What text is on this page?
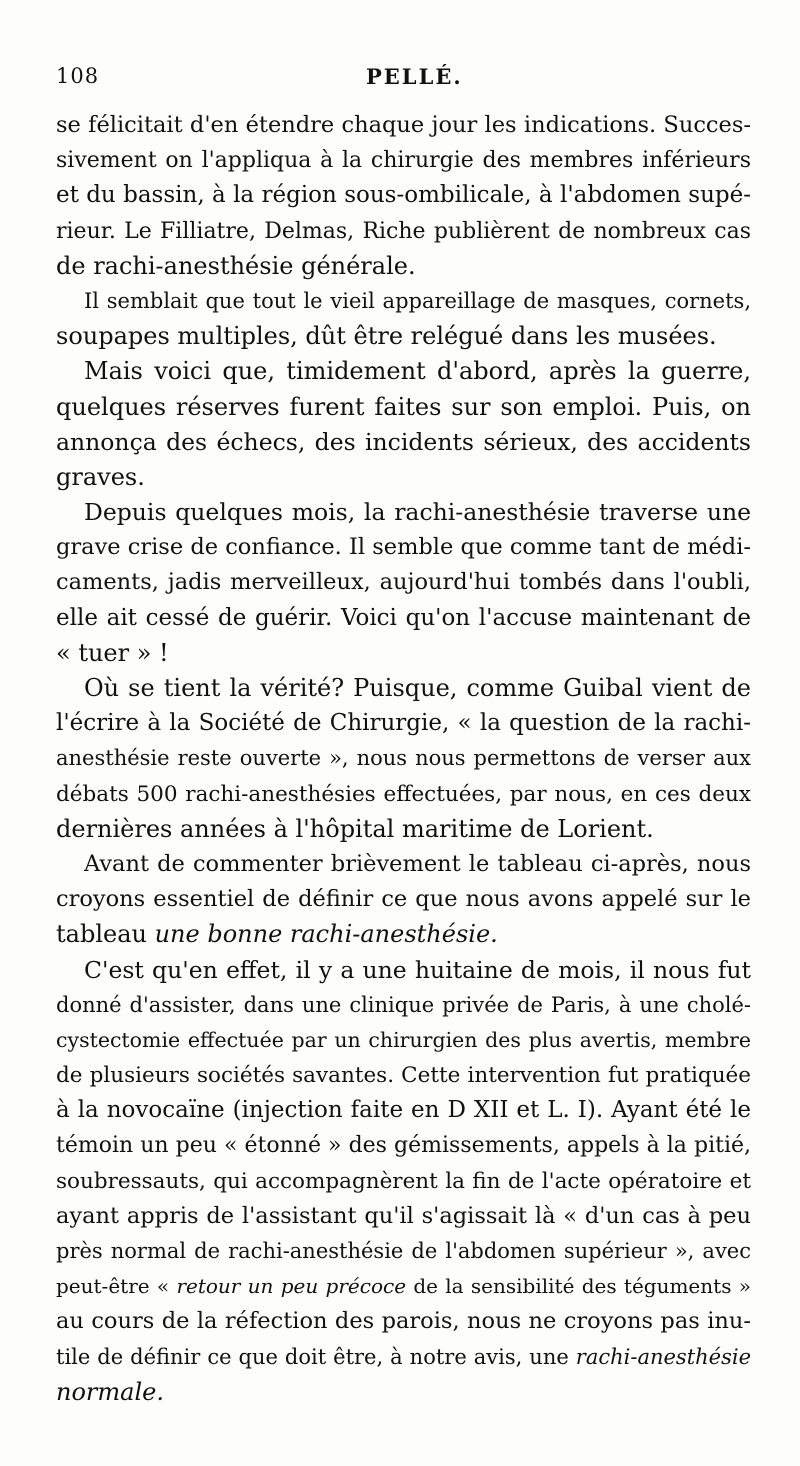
108	PELLÉ.
se félicitait d'en étendre chaque jour les indications. Succes-
sivement on l'appliqua à la chirurgie des membres inférieurs
et du bassin, à la région sous-ombilicale, à l'abdomen supé-
rieur. Le Filliatre, Delmas, Riche publièrent de nombreux cas
de rachi-anesthésie générale.
Il semblait que tout le vieil appareillage de masques, cornets,
soupapes multiples, dût être relégué dans les musées.
Mais voici que, timidement d'abord, après la guerre,
quelques réserves furent faites sur son emploi. Puis, on
annonça des échecs, des incidents sérieux, des accidents
graves.
Depuis quelques mois, la rachi-anesthésie traverse une
grave crise de confiance. Il semble que comme tant de médi-
caments, jadis merveilleux, aujourd'hui tombés dans l'oubli,
elle ait cessé de guérir. Voici qu'on l'accuse maintenant de
« tuer » !
Où se tient la vérité? Puisque, comme Guibal vient de
l'écrire à la Société de Chirurgie, « la question de la rachi-
anesthésie reste ouverte », nous nous permettons de verser aux
débats 500 rachi-anesthésies effectuées, par nous, en ces deux
dernières années à l'hôpital maritime de Lorient.
Avant de commenter brièvement le tableau ci-après, nous
croyons essentiel de définir ce que nous avons appelé sur le
tableau une bonne rachi-anesthésie.
C'est qu'en effet, il y a une huitaine de mois, il nous fut
donné d'assister, dans une clinique privée de Paris, à une cholé-
cystectomie effectuée par un chirurgien des plus avertis, membre
de plusieurs sociétés savantes. Cette intervention fut pratiquée
à la novocaïne (injection faite en D XII et L. I). Ayant été le
témoin un peu « étonné » des gémissements, appels à la pitié,
soubressauts, qui accompagnèrent la fin de l'acte opératoire et
ayant appris de l'assistant qu'il s'agissait là « d'un cas à peu
près normal de rachi-anesthésie de l'abdomen supérieur », avec
peut-être « retour un peu précoce de la sensibilité des téguments »
au cours de la réfection des parois, nous ne croyons pas inu-
tile de définir ce que doit être, à notre avis, une rachi-anesthésie
normale.
